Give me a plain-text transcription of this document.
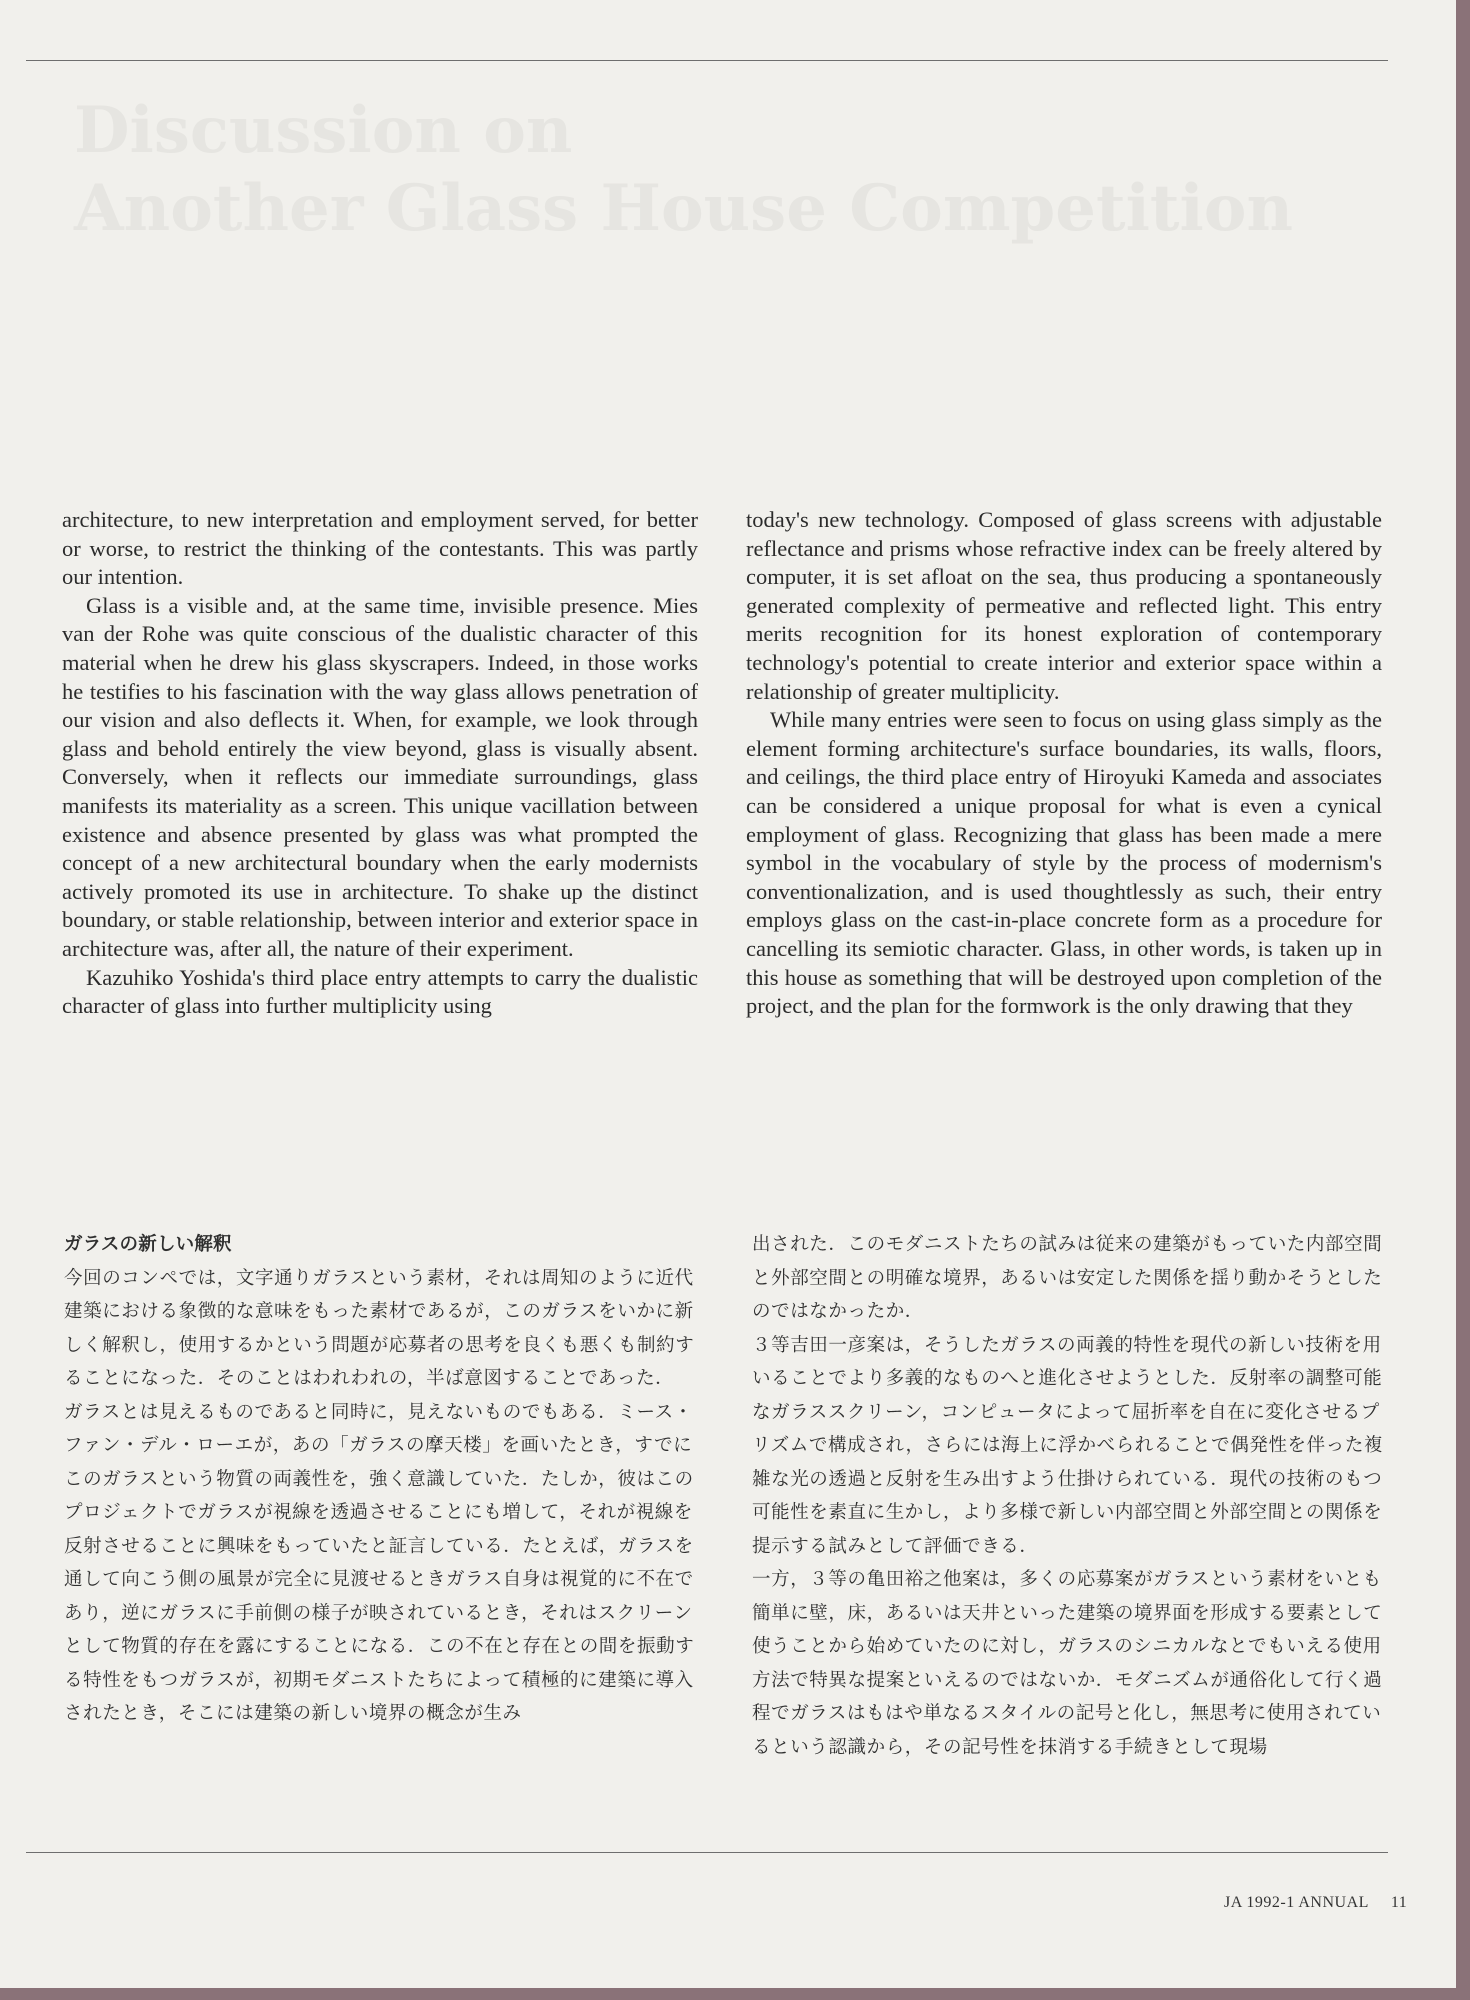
Discussion on
Another Glass House Competition

architecture, to new interpretation and employment served, for better or worse, to restrict the thinking of the contestants. This was partly our intention.

Glass is a visible and, at the same time, invisible presence. Mies van der Rohe was quite conscious of the dualistic character of this material when he drew his glass skyscrapers. Indeed, in those works he testifies to his fascination with the way glass allows penetration of our vision and also deflects it. When, for example, we look through glass and behold entirely the view beyond, glass is visually absent. Conversely, when it reflects our immediate surroundings, glass manifests its materiality as a screen. This unique vacillation between existence and absence presented by glass was what prompted the concept of a new architectural boundary when the early modernists actively promoted its use in architecture. To shake up the distinct boundary, or stable relationship, between interior and exterior space in architecture was, after all, the nature of their experiment.

Kazuhiko Yoshida's third place entry attempts to carry the dualistic character of glass into further multiplicity using

today's new technology. Composed of glass screens with adjustable reflectance and prisms whose refractive index can be freely altered by computer, it is set afloat on the sea, thus producing a spontaneously generated complexity of permeative and reflected light. This entry merits recognition for its honest exploration of contemporary technology's potential to create interior and exterior space within a relationship of greater multiplicity.

While many entries were seen to focus on using glass simply as the element forming architecture's surface boundaries, its walls, floors, and ceilings, the third place entry of Hiroyuki Kameda and associates can be considered a unique proposal for what is even a cynical employment of glass. Recognizing that glass has been made a mere symbol in the vocabulary of style by the process of modernism's conventionalization, and is used thoughtlessly as such, their entry employs glass on the cast-in-place concrete form as a procedure for cancelling its semiotic character. Glass, in other words, is taken up in this house as something that will be destroyed upon completion of the project, and the plan for the formwork is the only drawing that they

ガラスの新しい解釈

今回のコンペでは，文字通りガラスという素材，それは周知のように近代建築における象徴的な意味をもった素材であるが，このガラスをいかに新しく解釈し，使用するかという問題が応募者の思考を良くも悪くも制約することになった．そのことはわれわれの，半ば意図することであった．

ガラスとは見えるものであると同時に，見えないものでもある．ミース・ファン・デル・ローエが，あの「ガラスの摩天楼」を画いたとき，すでにこのガラスという物質の両義性を，強く意識していた．たしか，彼はこのプロジェクトでガラスが視線を透過させることにも増して，それが視線を反射させることに興味をもっていたと証言している．たとえば，ガラスを通して向こう側の風景が完全に見渡せるときガラス自身は視覚的に不在であり，逆にガラスに手前側の様子が映されているとき，それはスクリーンとして物質的存在を露にすることになる．この不在と存在との間を振動する特性をもつガラスが，初期モダニストたちによって積極的に建築に導入されたとき，そこには建築の新しい境界の概念が生み

出された．このモダニストたちの試みは従来の建築がもっていた内部空間と外部空間との明確な境界，あるいは安定した関係を揺り動かそうとしたのではなかったか．

３等吉田一彦案は，そうしたガラスの両義的特性を現代の新しい技術を用いることでより多義的なものへと進化させようとした．反射率の調整可能なガラススクリーン，コンピュータによって屈折率を自在に変化させるプリズムで構成され，さらには海上に浮かべられることで偶発性を伴った複雑な光の透過と反射を生み出すよう仕掛けられている．現代の技術のもつ可能性を素直に生かし，より多様で新しい内部空間と外部空間との関係を提示する試みとして評価できる．

一方，３等の亀田裕之他案は，多くの応募案がガラスという素材をいとも簡単に壁，床，あるいは天井といった建築の境界面を形成する要素として使うことから始めていたのに対し，ガラスのシニカルなとでもいえる使用方法で特異な提案といえるのではないか．モダニズムが通俗化して行く過程でガラスはもはや単なるスタイルの記号と化し，無思考に使用されているという認識から，その記号性を抹消する手続きとして現場

JA 1992-1 ANNUAL 11
